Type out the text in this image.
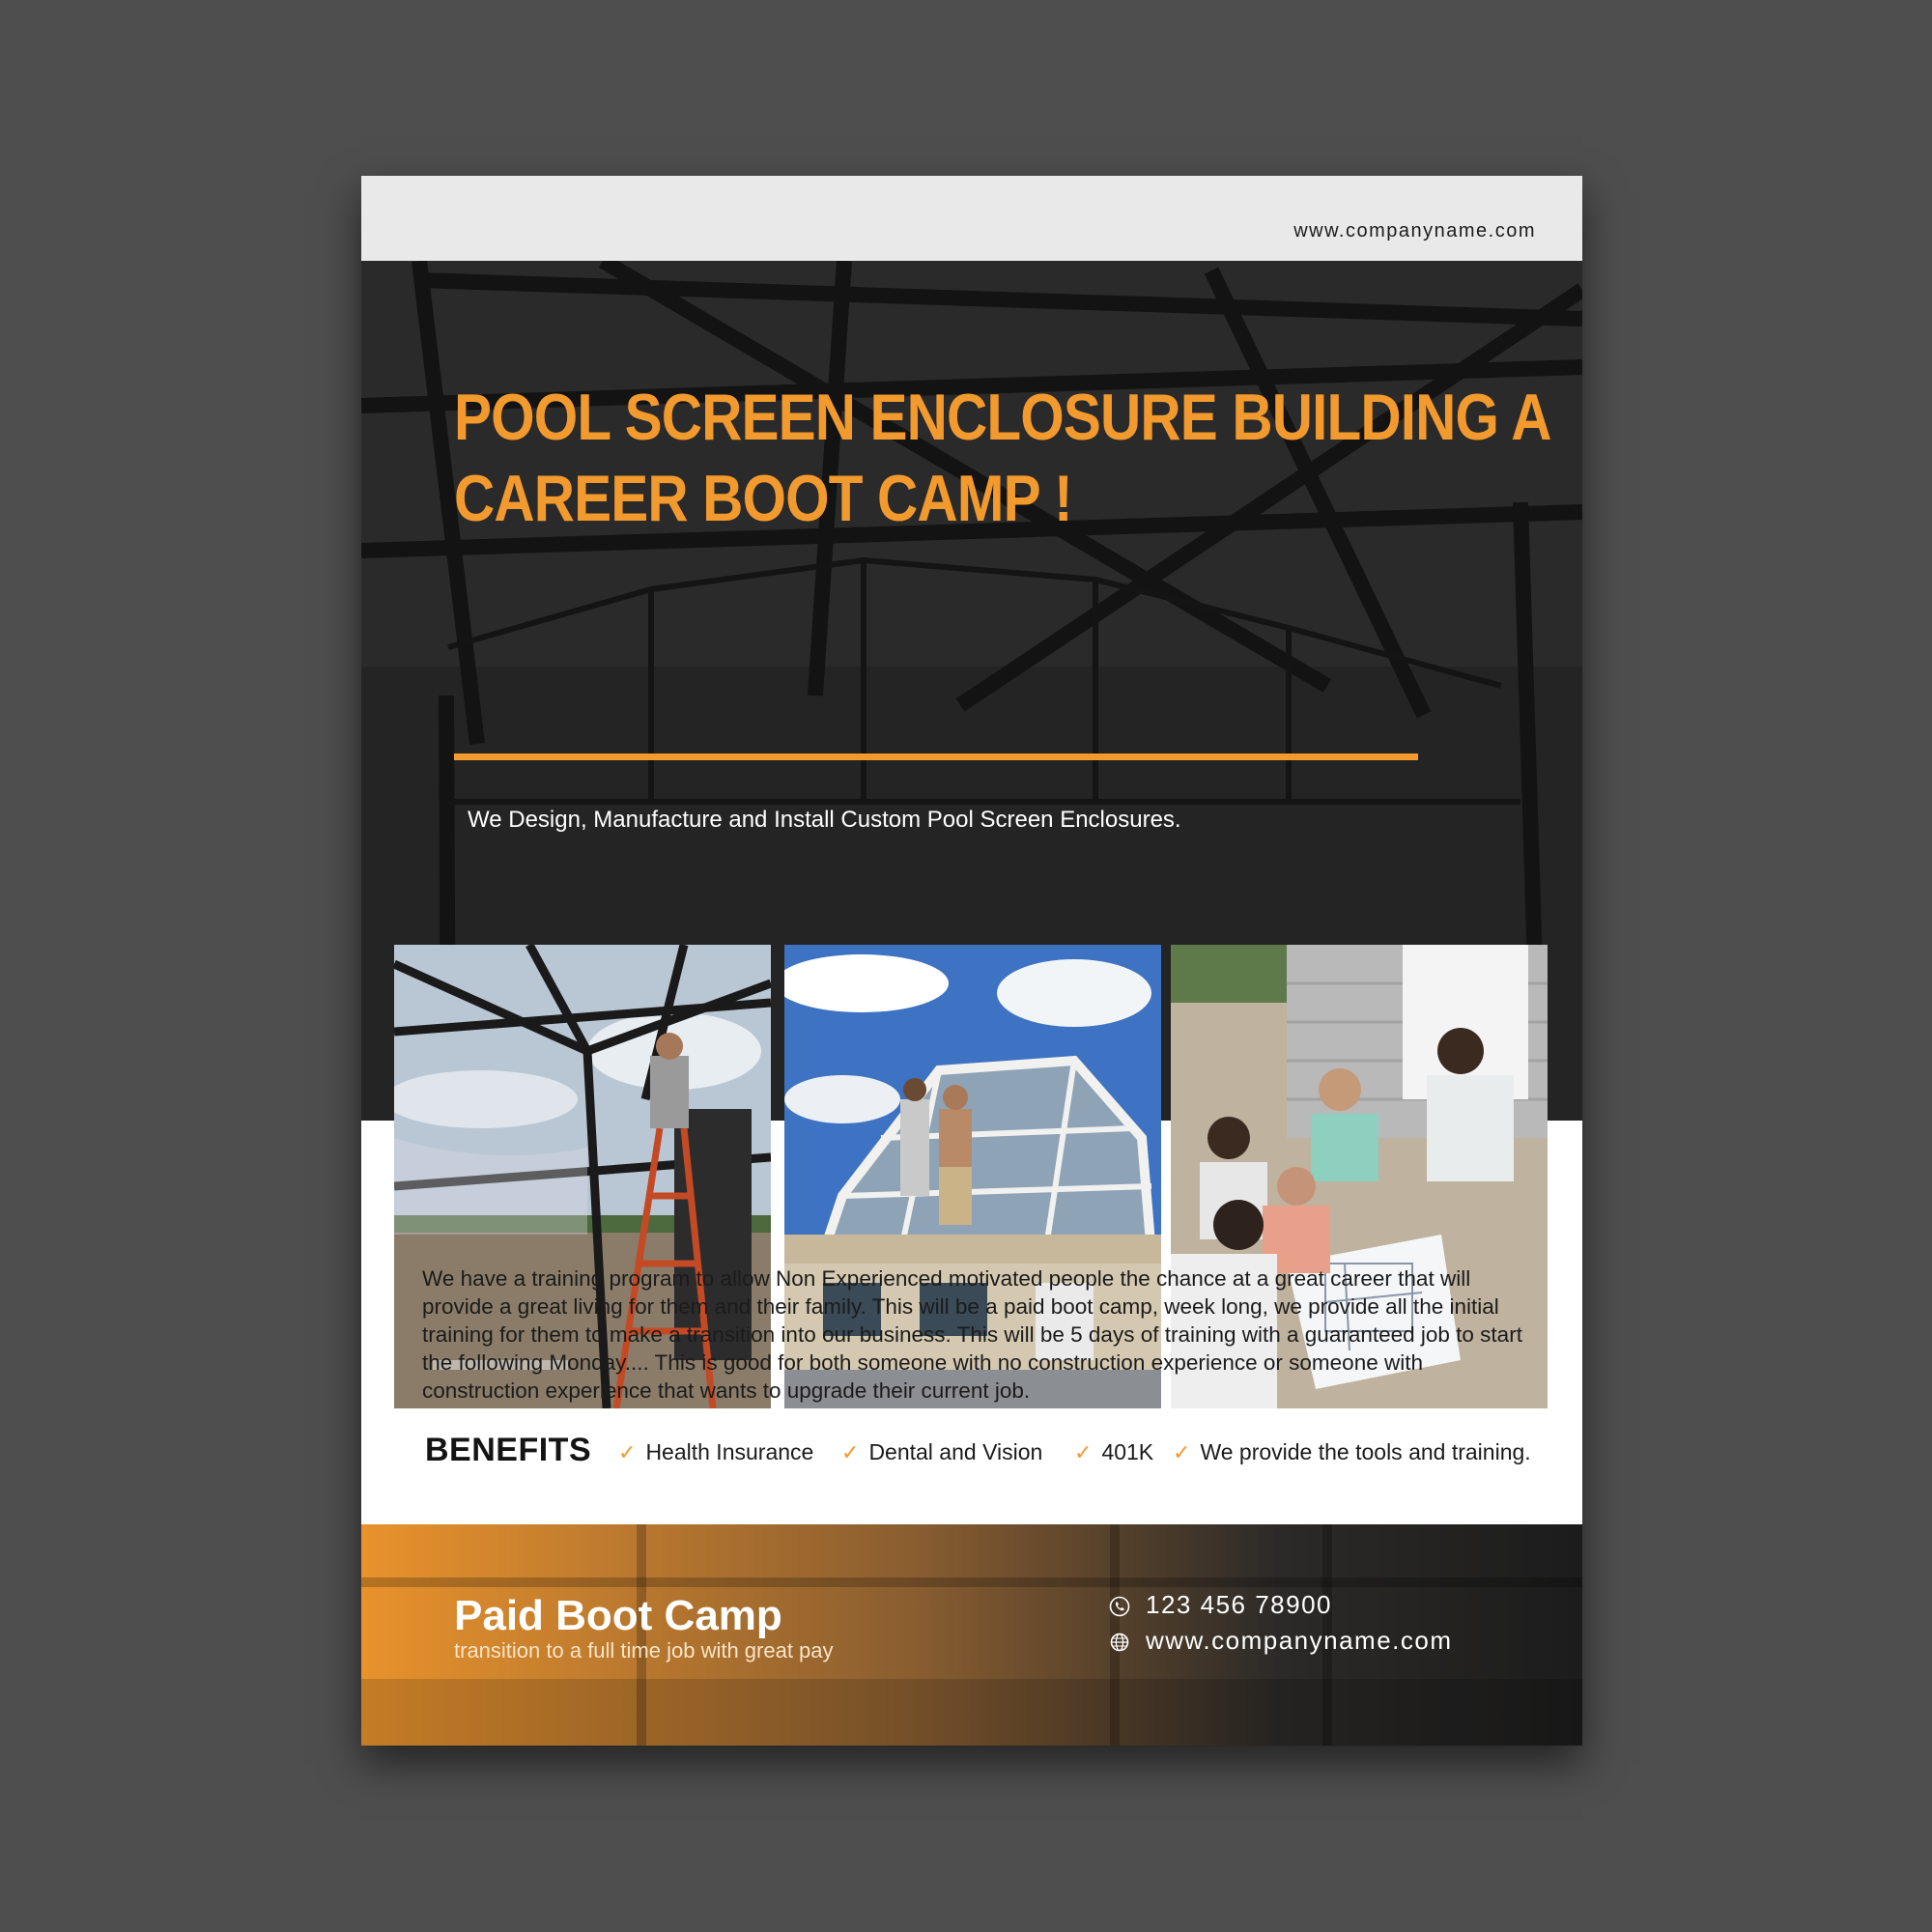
www.companyname.com
POOL SCREEN ENCLOSURE BUILDING A
CAREER BOOT CAMP !
We Design, Manufacture and Install Custom Pool Screen Enclosures.

We have a training program to allow Non Experienced motivated people the chance at a great career that will provide a great living for them and their family. This will be a paid boot camp, week long, we provide all the initial training for them to make a transition into our business. This will be 5 days of training with a guaranteed job to start the following Monday.... This is good for both someone with no construction experience or someone with construction experience that wants to upgrade their current job.

BENEFITS ✓ Health Insurance ✓ Dental and Vision ✓ 401K ✓ We provide the tools and training.
Paid Boot Camp
transition to a full time job with great pay
123 456 78900
www.companyname.com
